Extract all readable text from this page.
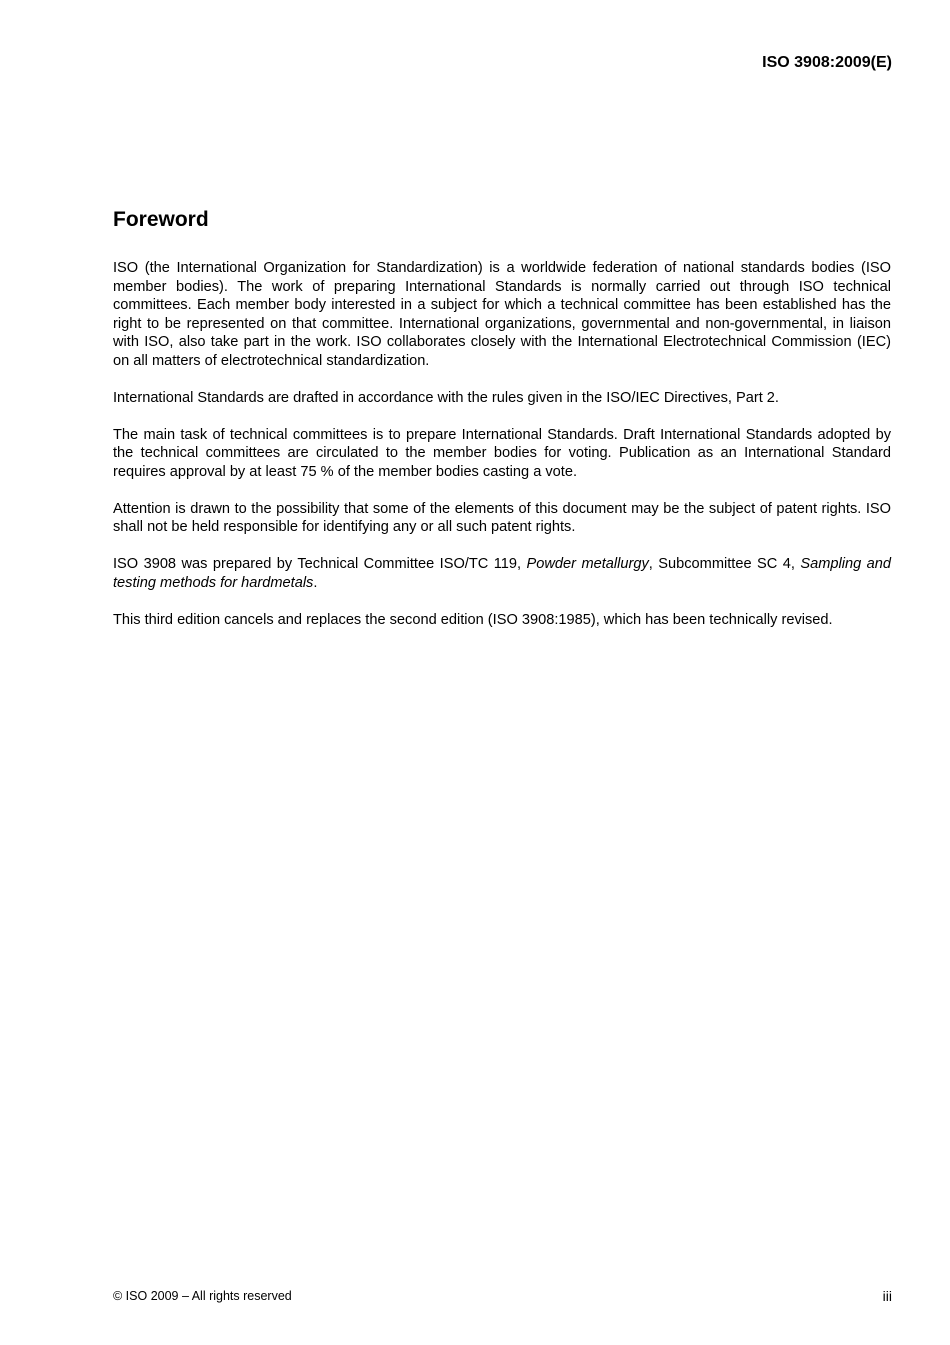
ISO 3908:2009(E)

Foreword

ISO (the International Organization for Standardization) is a worldwide federation of national standards bodies (ISO member bodies). The work of preparing International Standards is normally carried out through ISO technical committees. Each member body interested in a subject for which a technical committee has been established has the right to be represented on that committee. International organizations, governmental and non-governmental, in liaison with ISO, also take part in the work. ISO collaborates closely with the International Electrotechnical Commission (IEC) on all matters of electrotechnical standardization.

International Standards are drafted in accordance with the rules given in the ISO/IEC Directives, Part 2.

The main task of technical committees is to prepare International Standards. Draft International Standards adopted by the technical committees are circulated to the member bodies for voting. Publication as an International Standard requires approval by at least 75 % of the member bodies casting a vote.

Attention is drawn to the possibility that some of the elements of this document may be the subject of patent rights. ISO shall not be held responsible for identifying any or all such patent rights.

ISO 3908 was prepared by Technical Committee ISO/TC 119, Powder metallurgy, Subcommittee SC 4, Sampling and testing methods for hardmetals.

This third edition cancels and replaces the second edition (ISO 3908:1985), which has been technically revised.

© ISO 2009 – All rights reserved	iii
